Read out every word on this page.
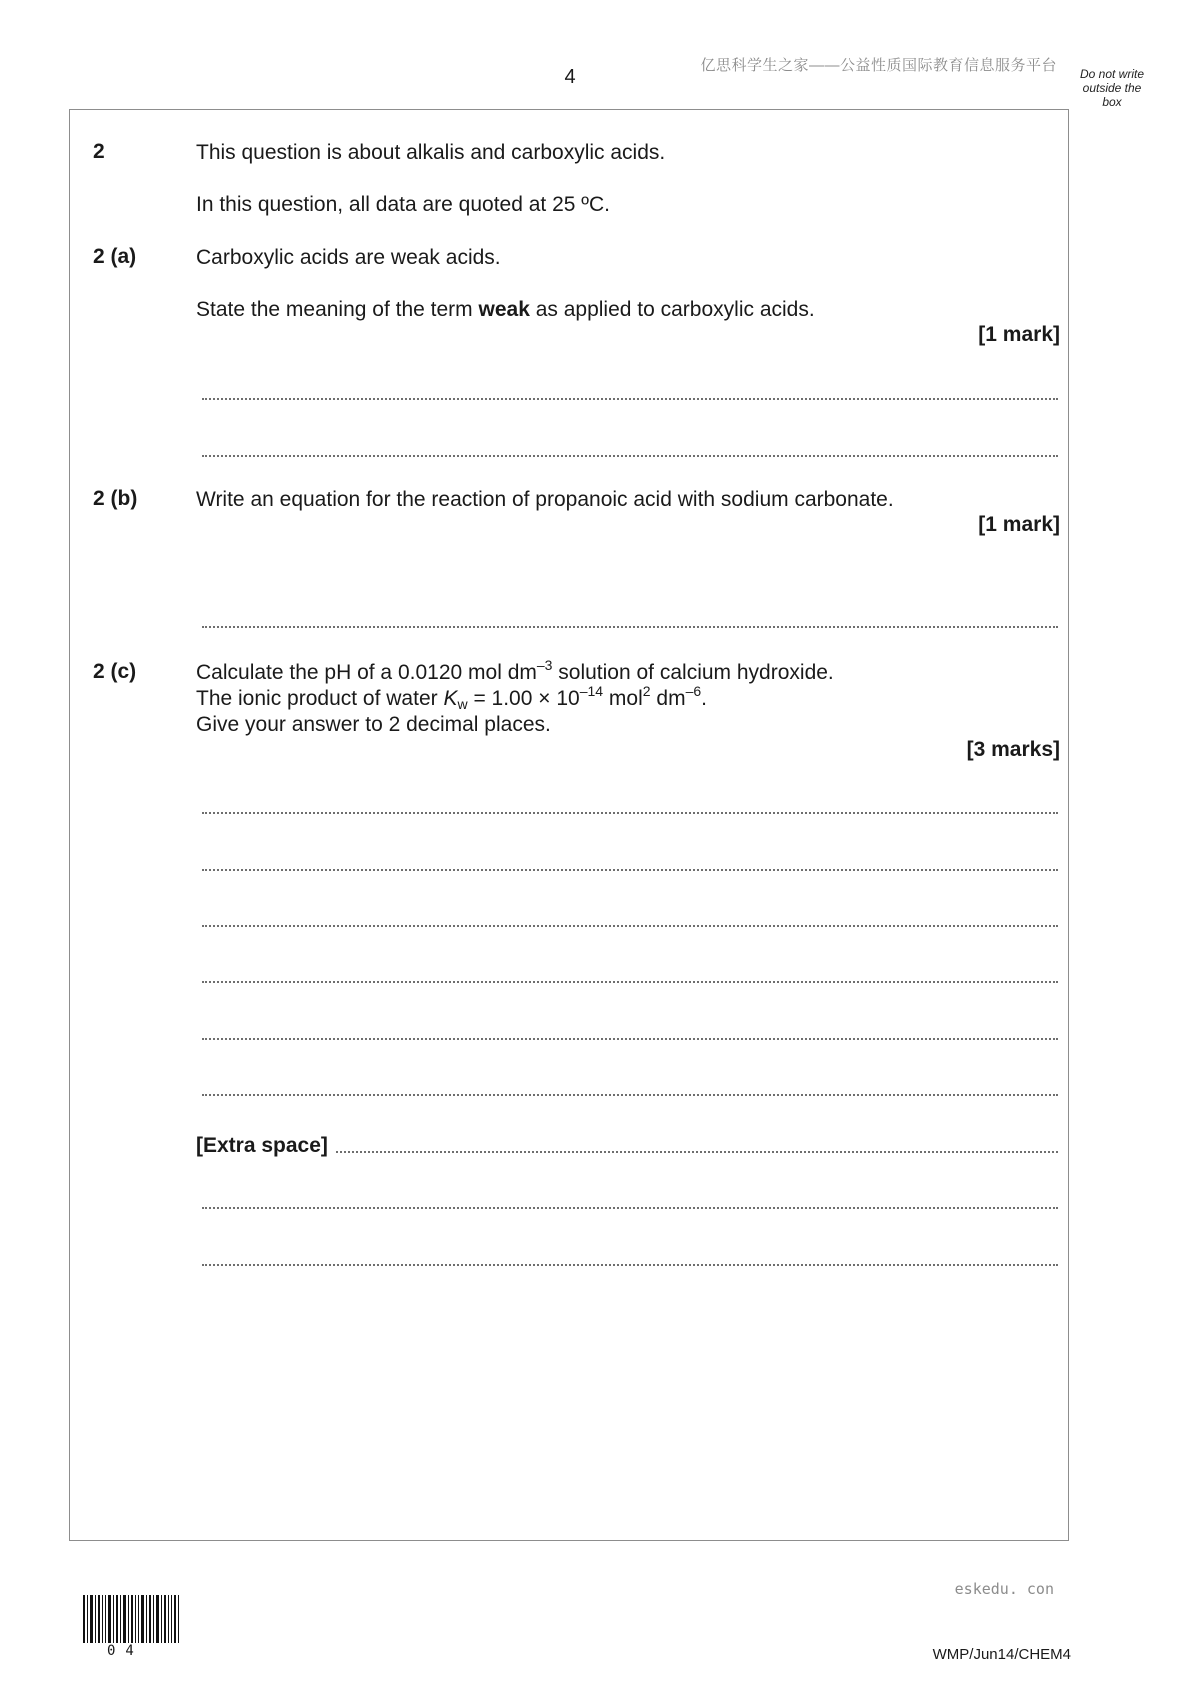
4
亿思科学生之家——公益性质国际教育信息服务平台	Do not write
outside the
box
2	This question is about alkalis and carboxylic acids.
In this question, all data are quoted at 25 ºC.
2 (a)	Carboxylic acids are weak acids.
State the meaning of the term weak as applied to carboxylic acids.
[1 mark]
2 (b)	Write an equation for the reaction of propanoic acid with sodium carbonate.
[1 mark]
2 (c)	Calculate the pH of a 0.0120 mol $dm^{-3}$ solution of calcium hydroxide.
The ionic product of water $K_w = 1.00 \times 10^{-14}$ mol$^2$ $dm^{-6}$.
Give your answer to 2 decimal places.
[3 marks]
[Extra space]
eskedu. con
04	WMP/Jun14/CHEM4
